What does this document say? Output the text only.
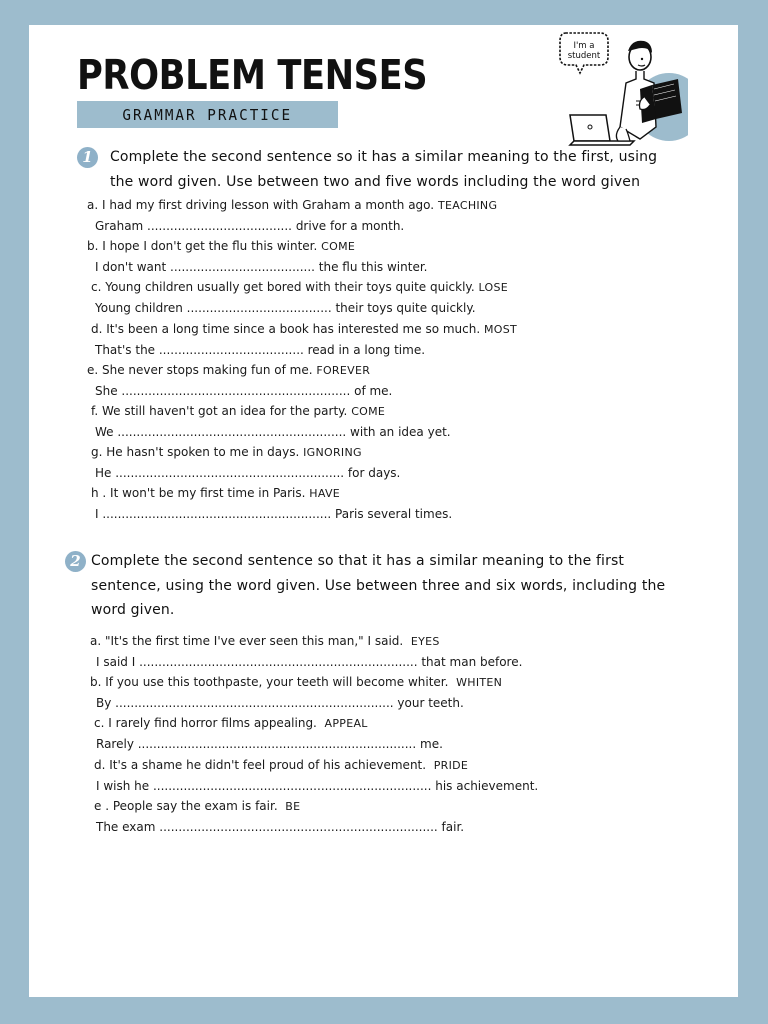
PROBLEM TENSES
GRAMMAR PRACTICE
I'm a
student
1	Complete the second sentence so it has a similar meaning to the first, using
the word given. Use between two and five words including the word given

a. I had my first driving lesson with Graham a month ago. TEACHING
Graham ...................................... drive for a month.
b. I hope I don't get the flu this winter. COME
I don't want ...................................... the flu this winter.
c. Young children usually get bored with their toys quite quickly. LOSE
Young children ...................................... their toys quite quickly.
d. It's been a long time since a book has interested me so much. MOST
That's the ...................................... read in a long time.
e. She never stops making fun of me. FOREVER
She ............................................................ of me.
f. We still haven't got an idea for the party. COME
We ............................................................ with an idea yet.
g. He hasn't spoken to me in days. IGNORING
He ............................................................ for days.
h . It won't be my first time in Paris. HAVE
I ............................................................ Paris several times.
2 Complete the second sentence so that it has a similar meaning to the first
sentence, using the word given. Use between three and six words, including the
word given.

a. "It's the first time I've ever seen this man," I said. EYES
I said I ......................................................................... that man before.
b. If you use this toothpaste, your teeth will become whiter. WHITEN
By ......................................................................... your teeth.
c. I rarely find horror films appealing. APPEAL
Rarely ......................................................................... me.
d. It's a shame he didn't feel proud of his achievement. PRIDE
I wish he ......................................................................... his achievement.
e . People say the exam is fair. BE
The exam ......................................................................... fair.
